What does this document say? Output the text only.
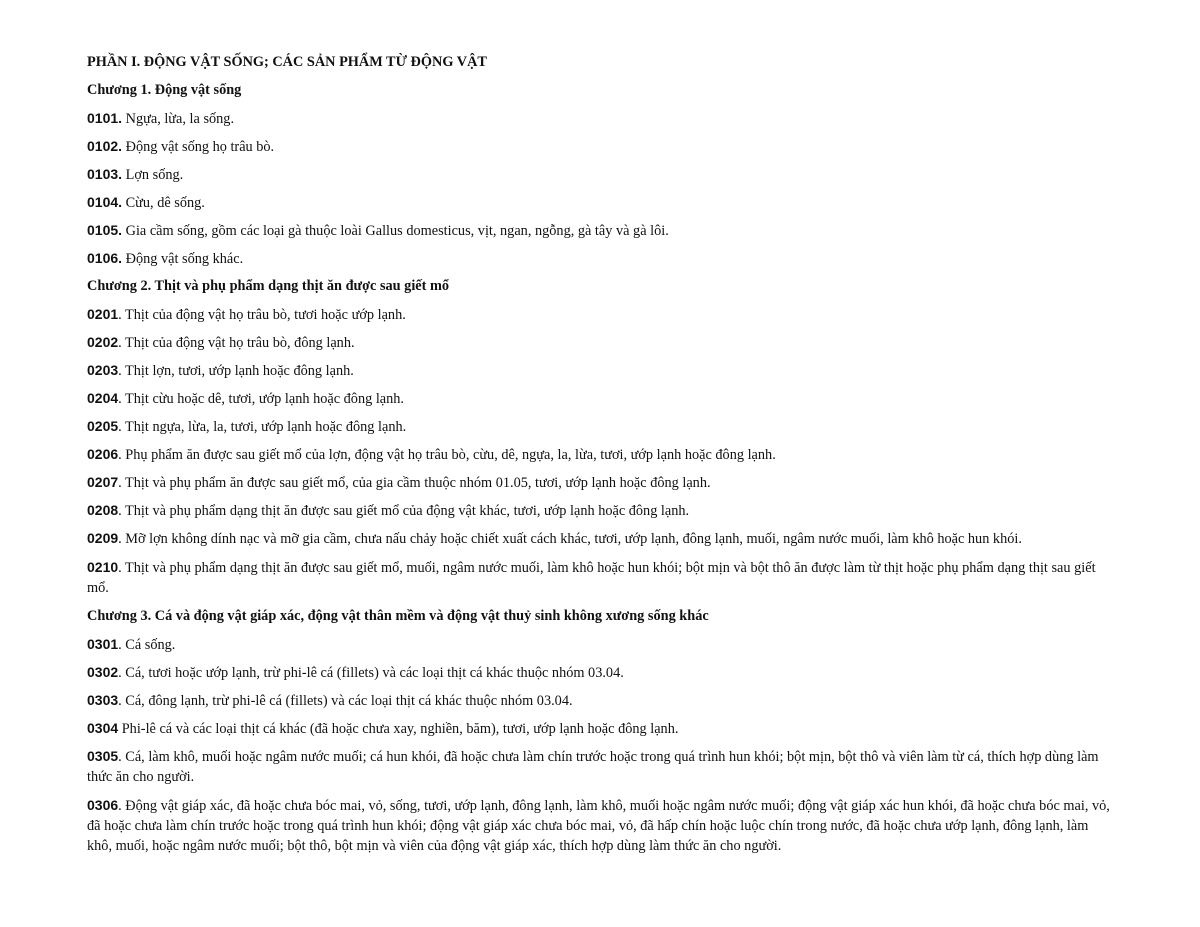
PHẦN I. ĐỘNG VẬT SỐNG; CÁC SẢN PHẨM TỪ ĐỘNG VẬT

Chương 1. Động vật sống

0101. Ngựa, lừa, la sống.

0102. Động vật sống họ trâu bò.

0103. Lợn sống.

0104. Cừu, dê sống.

0105. Gia cầm sống, gồm các loại gà thuộc loài Gallus domesticus, vịt, ngan, ngỗng, gà tây và gà lôi.

0106. Động vật sống khác.

Chương 2. Thịt và phụ phẩm dạng thịt ăn được sau giết mổ

0201. Thịt của động vật họ trâu bò, tươi hoặc ướp lạnh.

0202. Thịt của động vật họ trâu bò, đông lạnh.

0203. Thịt lợn, tươi, ướp lạnh hoặc đông lạnh.

0204. Thịt cừu hoặc dê, tươi, ướp lạnh hoặc đông lạnh.

0205. Thịt ngựa, lừa, la, tươi, ướp lạnh hoặc đông lạnh.

0206. Phụ phẩm ăn được sau giết mổ của lợn, động vật họ trâu bò, cừu, dê, ngựa, la, lừa, tươi, ướp lạnh hoặc đông lạnh.

0207. Thịt và phụ phẩm ăn được sau giết mổ, của gia cầm thuộc nhóm 01.05, tươi, ướp lạnh hoặc đông lạnh.

0208. Thịt và phụ phẩm dạng thịt ăn được sau giết mổ của động vật khác, tươi, ướp lạnh hoặc đông lạnh.

0209. Mỡ lợn không dính nạc và mỡ gia cầm, chưa nấu chảy hoặc chiết xuất cách khác, tươi, ướp lạnh, đông lạnh, muối, ngâm nước muối, làm khô hoặc hun khói.

0210. Thịt và phụ phẩm dạng thịt ăn được sau giết mổ, muối, ngâm nước muối, làm khô hoặc hun khói; bột mịn và bột thô ăn được làm từ thịt hoặc phụ phẩm dạng thịt sau giết mổ.

Chương 3. Cá và động vật giáp xác, động vật thân mềm và động vật thuỷ sinh không xương sống khác

0301. Cá sống.

0302. Cá, tươi hoặc ướp lạnh, trừ phi-lê cá (fillets) và các loại thịt cá khác thuộc nhóm 03.04.

0303. Cá, đông lạnh, trừ phi-lê cá (fillets) và các loại thịt cá khác thuộc nhóm 03.04.

0304 Phi-lê cá và các loại thịt cá khác (đã hoặc chưa xay, nghiền, băm), tươi, ướp lạnh hoặc đông lạnh.

0305. Cá, làm khô, muối hoặc ngâm nước muối; cá hun khói, đã hoặc chưa làm chín trước hoặc trong quá trình hun khói; bột mịn, bột thô và viên làm từ cá, thích hợp dùng làm thức ăn cho người.

0306. Động vật giáp xác, đã hoặc chưa bóc mai, vỏ, sống, tươi, ướp lạnh, đông lạnh, làm khô, muối hoặc ngâm nước muối; động vật giáp xác hun khói, đã hoặc chưa bóc mai, vỏ, đã hoặc chưa làm chín trước hoặc trong quá trình hun khói; động vật giáp xác chưa bóc mai, vỏ, đã hấp chín hoặc luộc chín trong nước, đã hoặc chưa ướp lạnh, đông lạnh, làm khô, muối, hoặc ngâm nước muối; bột thô, bột mịn và viên của động vật giáp xác, thích hợp dùng làm thức ăn cho người.
